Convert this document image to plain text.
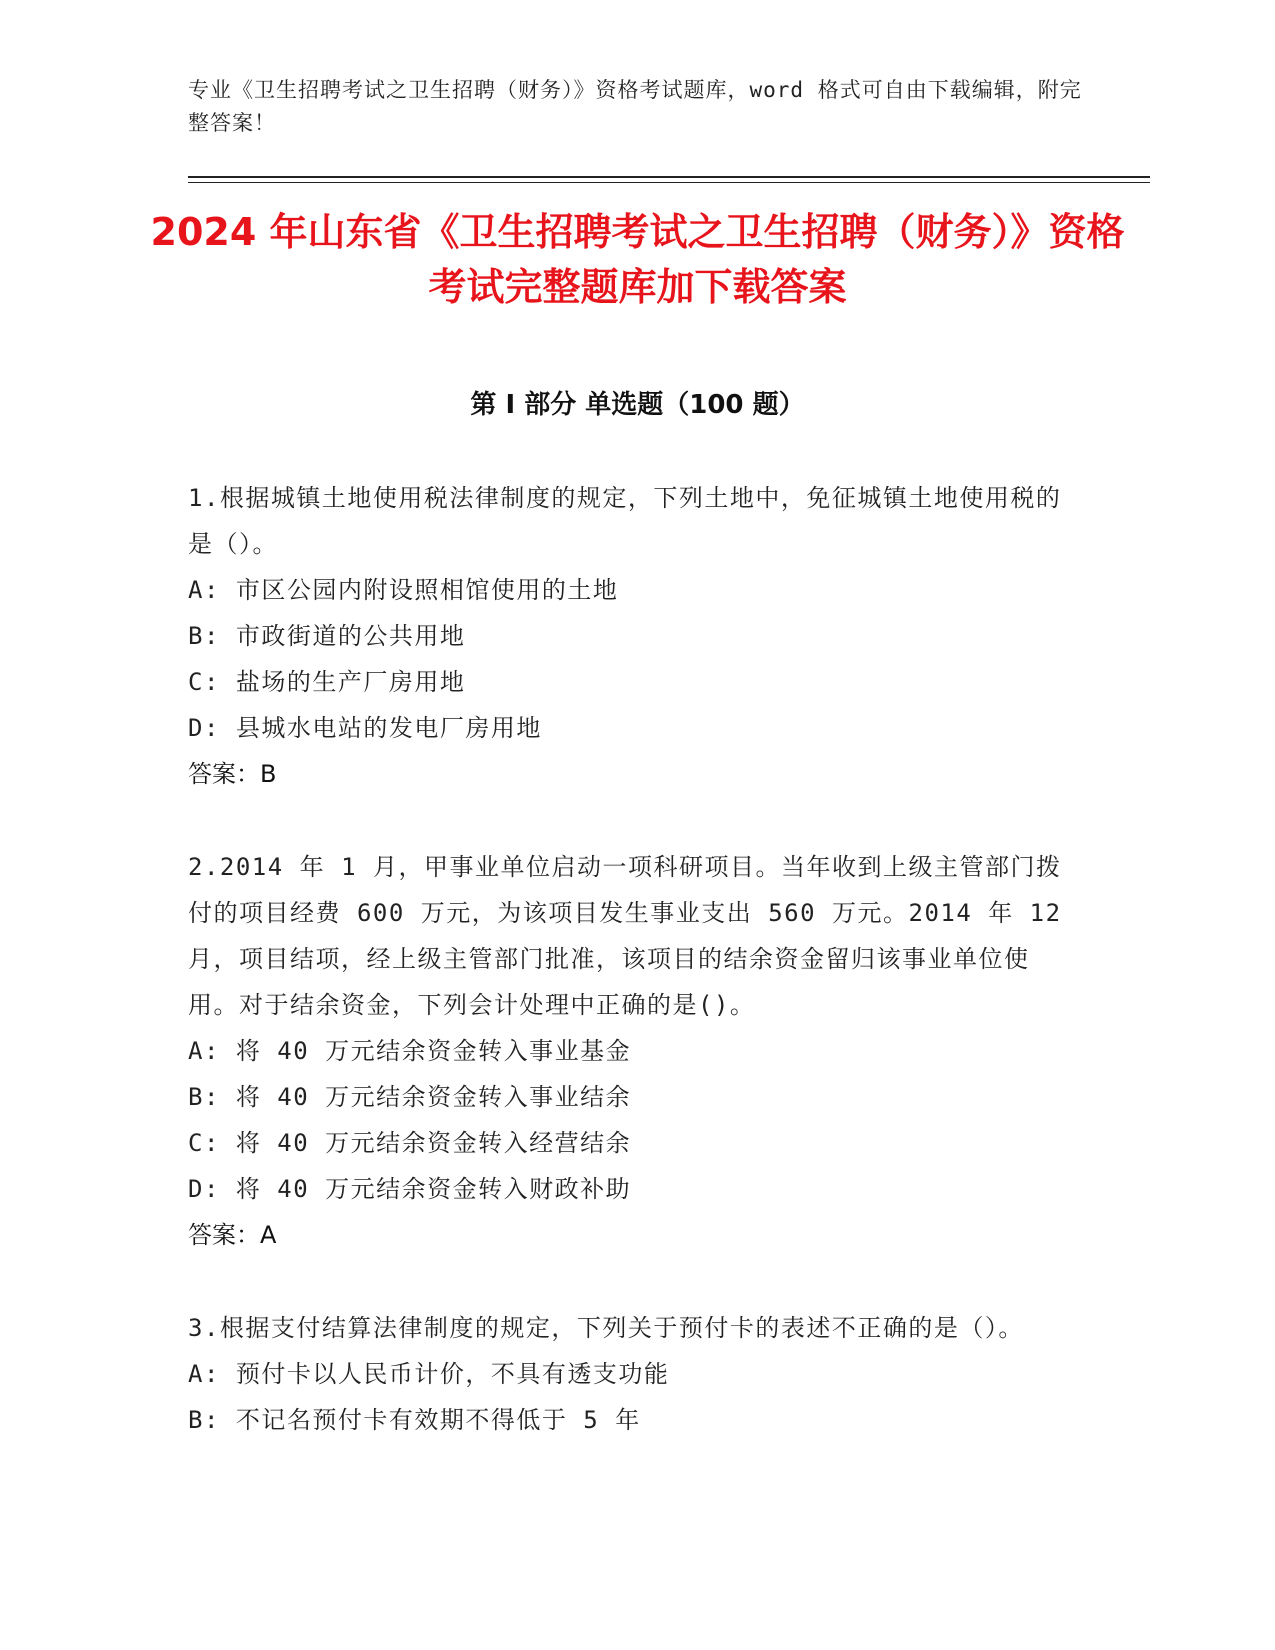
专业《卫生招聘考试之卫生招聘（财务）》资格考试题库，word 格式可自由下载编辑，附完整答案！
2024 年山东省《卫生招聘考试之卫生招聘（财务）》资格考试完整题库加下载答案
第 I 部分 单选题（100 题）
1.根据城镇土地使用税法律制度的规定，下列土地中，免征城镇土地使用税的是（）。
A: 市区公园内附设照相馆使用的土地
B: 市政街道的公共用地
C: 盐场的生产厂房用地
D: 县城水电站的发电厂房用地
答案：B
2.2014 年 1 月，甲事业单位启动一项科研项目。当年收到上级主管部门拨付的项目经费 600 万元，为该项目发生事业支出 560 万元。2014 年 12 月，项目结项，经上级主管部门批准，该项目的结余资金留归该事业单位使用。对于结余资金，下列会计处理中正确的是()。
A: 将 40 万元结余资金转入事业基金
B: 将 40 万元结余资金转入事业结余
C: 将 40 万元结余资金转入经营结余
D: 将 40 万元结余资金转入财政补助
答案：A
3.根据支付结算法律制度的规定，下列关于预付卡的表述不正确的是（）。
A: 预付卡以人民币计价，不具有透支功能
B: 不记名预付卡有效期不得低于 5 年
